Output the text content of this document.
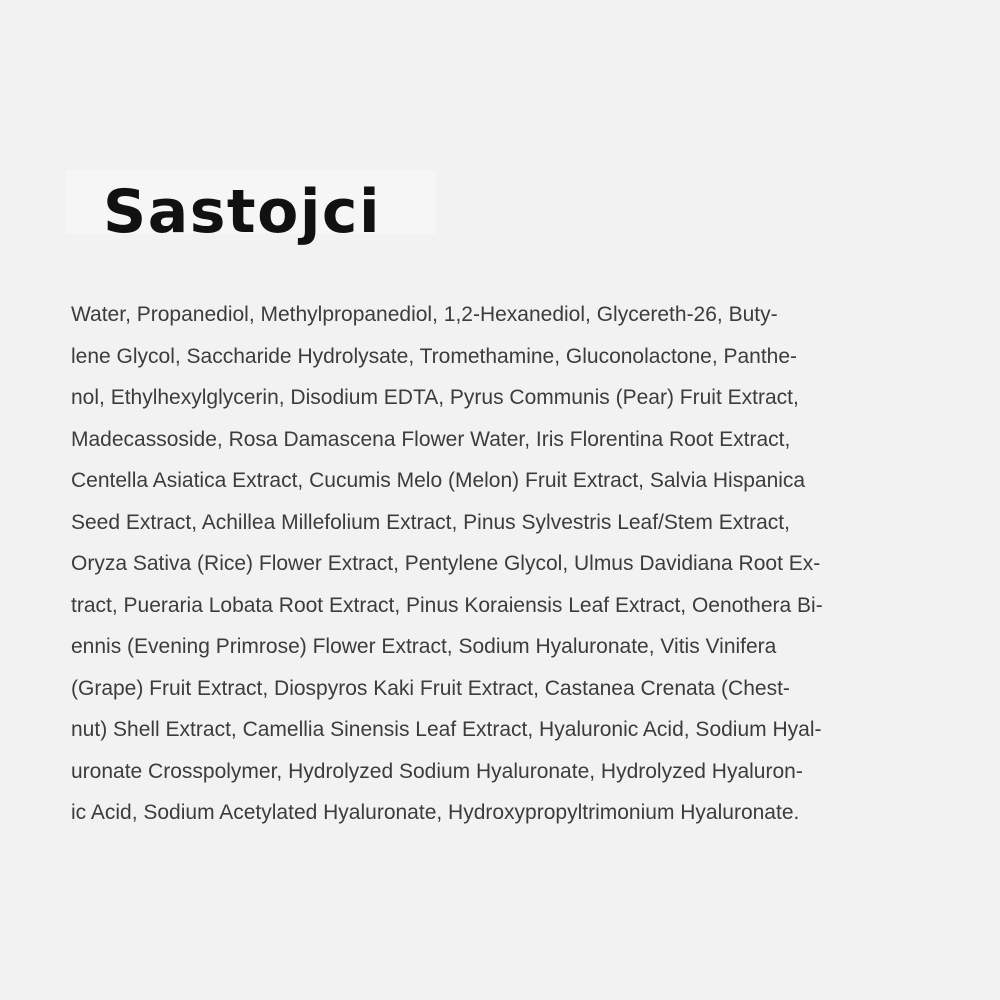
Sastojci

Water, Propanediol, Methylpropanediol, 1,2-Hexanediol, Glycereth-26, Buty-
lene Glycol, Saccharide Hydrolysate, Tromethamine, Gluconolactone, Panthe-
nol, Ethylhexylglycerin, Disodium EDTA, Pyrus Communis (Pear) Fruit Extract,
Madecassoside, Rosa Damascena Flower Water, Iris Florentina Root Extract,
Centella Asiatica Extract, Cucumis Melo (Melon) Fruit Extract, Salvia Hispanica
Seed Extract, Achillea Millefolium Extract, Pinus Sylvestris Leaf/Stem Extract,
Oryza Sativa (Rice) Flower Extract, Pentylene Glycol, Ulmus Davidiana Root Ex-
tract, Pueraria Lobata Root Extract, Pinus Koraiensis Leaf Extract, Oenothera Bi-
ennis (Evening Primrose) Flower Extract, Sodium Hyaluronate, Vitis Vinifera
(Grape) Fruit Extract, Diospyros Kaki Fruit Extract, Castanea Crenata (Chest-
nut) Shell Extract, Camellia Sinensis Leaf Extract, Hyaluronic Acid, Sodium Hyal-
uronate Crosspolymer, Hydrolyzed Sodium Hyaluronate, Hydrolyzed Hyaluron-
ic Acid, Sodium Acetylated Hyaluronate, Hydroxypropyltrimonium Hyaluronate.
